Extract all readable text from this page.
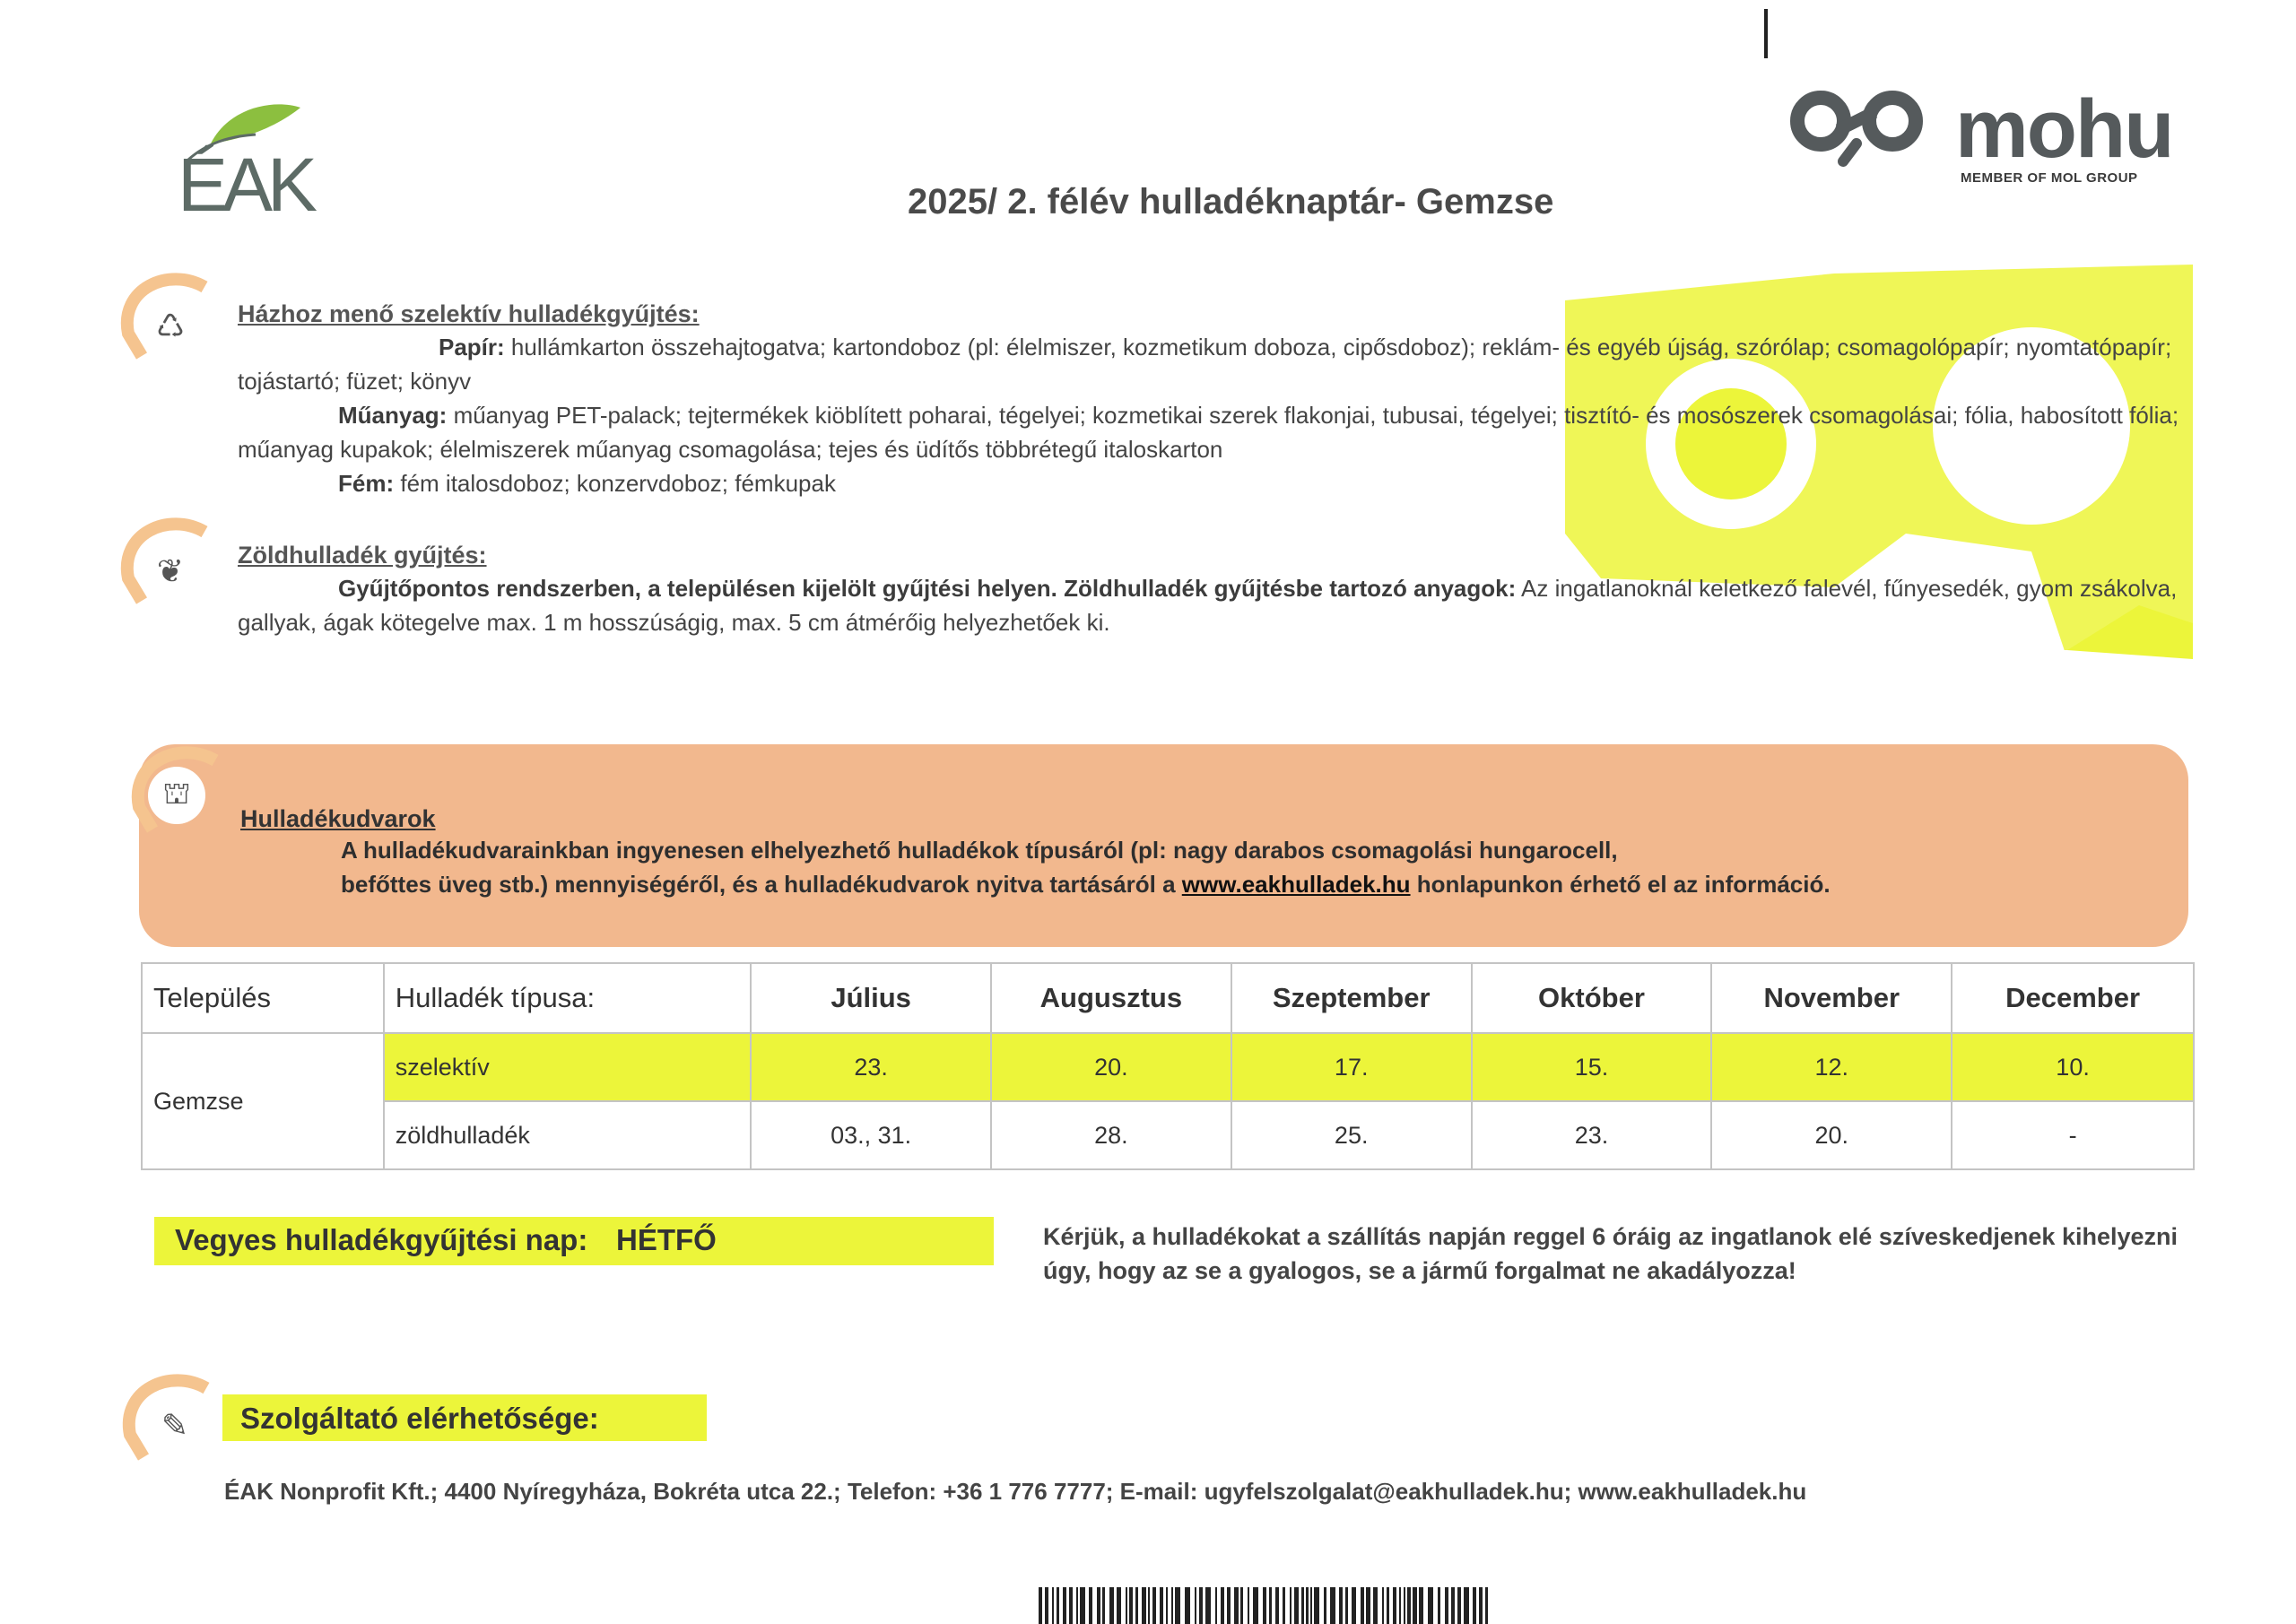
ÉAK
mohu
MEMBER OF MOL GROUP
2025/ 2. félév hulladéknaptár- Gemzse
♺
❦
Házhoz menő szelektív hulladékgyűjtés:
Papír: hullámkarton összehajtogatva; kartondoboz (pl: élelmiszer, kozmetikum doboza, cipősdoboz); reklám- és egyéb újság, szórólap; csomagolópapír; nyomtatópapír; tojástartó; füzet; könyv
Műanyag: műanyag PET-palack; tejtermékek kiöblített poharai, tégelyei; kozmetikai szerek flakonjai, tubusai, tégelyei; tisztító- és mosószerek csomagolásai; fólia, habosított fólia; műanyag kupakok; élelmiszerek műanyag csomagolása; tejes és üdítős többrétegű italoskarton
Fém: fém italosdoboz; konzervdoboz; fémkupak
Zöldhulladék gyűjtés:
Gyűjtőpontos rendszerben, a településen kijelölt gyűjtési helyen. Zöldhulladék gyűjtésbe tartozó anyagok: Az ingatlanoknál keletkező falevél, fűnyesedék, gyom zsákolva, gallyak, ágak kötegelve max. 1 m hosszúságig, max. 5 cm átmérőig helyezhetőek ki.
⛫
Hulladékudvarok
A hulladékudvarainkban ingyenesen elhelyezhető hulladékok típusáról (pl: nagy darabos csomagolási hungarocell,
befőttes üveg stb.) mennyiségéről, és a hulladékudvarok nyitva tartásáról a www.eakhulladek.hu honlapunkon érhető el az információ.
Település	Hulladék típusa:	Július	Augusztus	Szeptember	Október	November	December
Gemzse	szelektív	23.	20.	17.	15.	12.	10.
	zöldhulladék	03., 31.	28.	25.	23.	20.	-
Vegyes hulladékgyűjtési nap: HÉTFŐ	Kérjük, a hulladékokat a szállítás napján reggel 6 óráig az ingatlanok elé szíveskedjenek kihelyezni úgy, hogy az se a gyalogos, se a jármű forgalmat ne akadályozza!
✎	Szolgáltató elérhetősége:
ÉAK Nonprofit Kft.; 4400 Nyíregyháza, Bokréta utca 22.; Telefon: +36 1 776 7777; E-mail: ugyfelszolgalat@eakhulladek.hu; www.eakhulladek.hu
